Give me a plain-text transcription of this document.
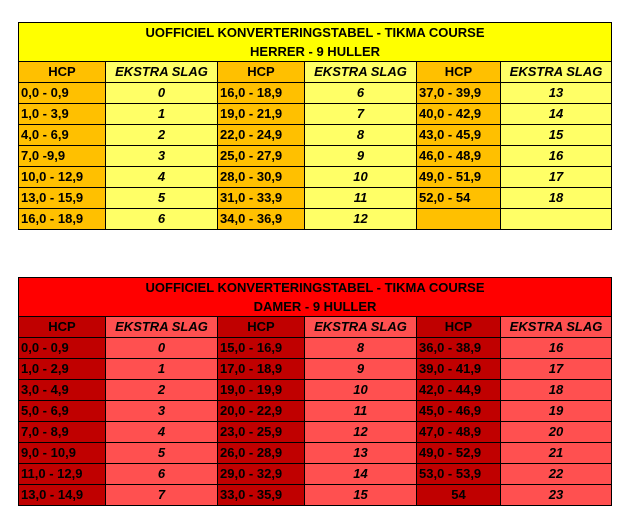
UOFFICIEL KONVERTERINGSTABEL - TIKMA COURSE					
HERRER - 9 HULLER					
HCP	EKSTRA SLAG	HCP	EKSTRA SLAG	HCP	EKSTRA SLAG
0,0 - 0,9	0	16,0 - 18,9	6	37,0 - 39,9	13
1,0 - 3,9	1	19,0 - 21,9	7	40,0 - 42,9	14
4,0 - 6,9	2	22,0 - 24,9	8	43,0 - 45,9	15
7,0 -9,9	3	25,0 - 27,9	9	46,0 - 48,9	16
10,0 - 12,9	4	28,0 - 30,9	10	49,0 - 51,9	17
13,0 - 15,9	5	31,0 - 33,9	11	52,0 - 54	18
16,0 - 18,9	6	34,0 - 36,9	12		
UOFFICIEL KONVERTERINGSTABEL - TIKMA COURSE					
DAMER - 9 HULLER					
HCP	EKSTRA SLAG	HCP	EKSTRA SLAG	HCP	EKSTRA SLAG
0,0 - 0,9	0	15,0 - 16,9	8	36,0 - 38,9	16
1,0 - 2,9	1	17,0 - 18,9	9	39,0 - 41,9	17
3,0 - 4,9	2	19,0 - 19,9	10	42,0 - 44,9	18
5,0 - 6,9	3	20,0 - 22,9	11	45,0 - 46,9	19
7,0 - 8,9	4	23,0 - 25,9	12	47,0 - 48,9	20
9,0 - 10,9	5	26,0 - 28,9	13	49,0 - 52,9	21
11,0 - 12,9	6	29,0 - 32,9	14	53,0 - 53,9	22
13,0 - 14,9	7	33,0 - 35,9	15	54	23
